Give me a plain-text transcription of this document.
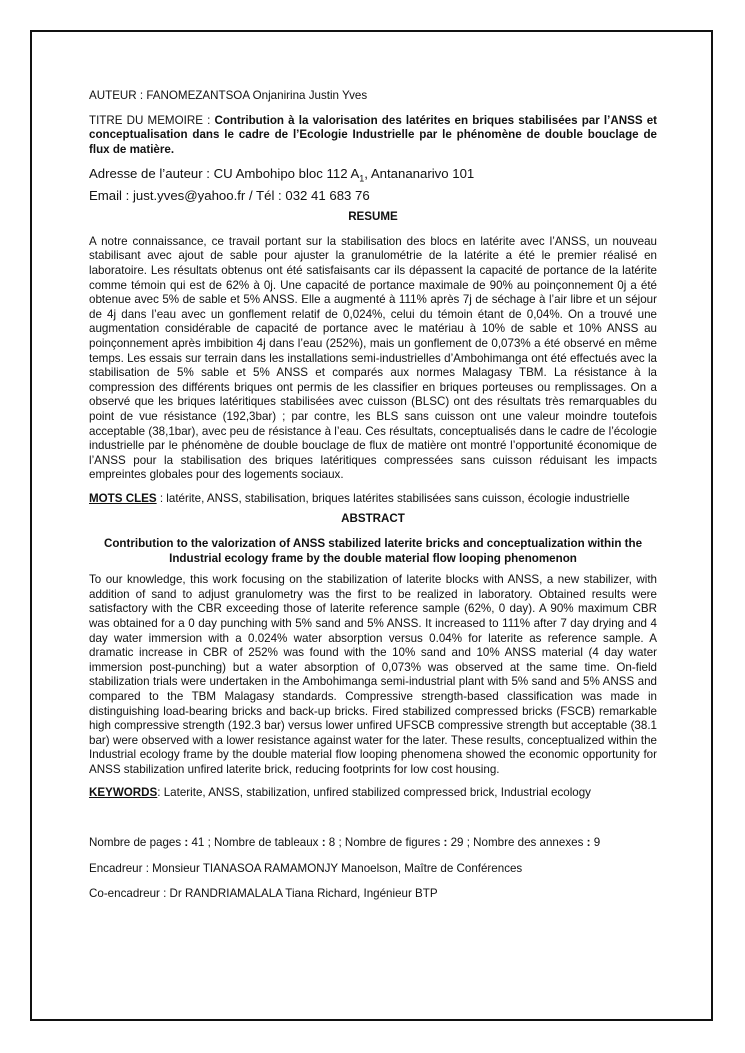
AUTEUR : FANOMEZANTSOA Onjanirina Justin Yves

TITRE DU MEMOIRE : Contribution à la valorisation des latérites en briques stabilisées par l’ANSS et conceptualisation dans le cadre de l’Ecologie Industrielle par le phénomène de double bouclage de flux de matière.

Adresse de l’auteur : CU Ambohipo bloc 112 $A_1$, Antananarivo 101

Email : just.yves@yahoo.fr / Tél : 032 41 683 76

RESUME

A notre connaissance, ce travail portant sur la stabilisation des blocs en latérite avec l’ANSS, un nouveau stabilisant avec ajout de sable pour ajuster la granulométrie de la latérite a été le premier réalisé en laboratoire. Les résultats obtenus ont été satisfaisants car ils dépassent la capacité de portance de la latérite comme témoin qui est de 62% à 0j. Une capacité de portance maximale de 90% au poinçonnement 0j a été obtenue avec 5% de sable et 5% ANSS. Elle a augmenté à 111% après 7j de séchage à l’air libre et un séjour de 4j dans l’eau avec un gonflement relatif de 0,024%, celui du témoin étant de 0,04%. On a trouvé une augmentation considérable de capacité de portance avec le matériau à 10% de sable et 10% ANSS au poinçonnement après imbibition 4j dans l’eau (252%), mais un gonflement de 0,073% a été observé en même temps. Les essais sur terrain dans les installations semi-industrielles d’Ambohimanga ont été effectués avec la stabilisation de 5% sable et 5% ANSS et comparés aux normes Malagasy TBM. La résistance à la compression des différents briques ont permis de les classifier en briques porteuses ou remplissages. On a observé que les briques latéritiques stabilisées avec cuisson (BLSC) ont des résultats très remarquables du point de vue résistance (192,3bar) ; par contre, les BLS sans cuisson ont une valeur moindre toutefois acceptable (38,1bar), avec peu de résistance à l’eau. Ces résultats, conceptualisés dans le cadre de l’écologie industrielle par le phénomène de double bouclage de flux de matière ont montré l’opportunité économique de l’ANSS pour la stabilisation des briques latéritiques compressées sans cuisson réduisant les impacts empreintes globales pour des logements sociaux.

MOTS CLES : latérite, ANSS, stabilisation, briques latérites stabilisées sans cuisson, écologie industrielle

ABSTRACT

Contribution to the valorization of ANSS stabilized laterite bricks and conceptualization within the Industrial ecology frame by the double material flow looping phenomenon

To our knowledge, this work focusing on the stabilization of laterite blocks with ANSS, a new stabilizer, with addition of sand to adjust granulometry was the first to be realized in laboratory. Obtained results were satisfactory with the CBR exceeding those of laterite reference sample (62%, 0 day). A 90% maximum CBR was obtained for a 0 day punching with 5% sand and 5% ANSS. It increased to 111% after 7 day drying and 4 day water immersion with a 0.024% water absorption versus 0.04% for laterite as reference sample. A dramatic increase in CBR of 252% was found with the 10% sand and 10% ANSS material (4 day water immersion post-punching) but a water absorption of 0,073% was observed at the same time. On-field stabilization trials were undertaken in the Ambohimanga semi-industrial plant with 5% sand and 5% ANSS and compared to the TBM Malagasy standards. Compressive strength-based classification was made in distinguishing load-bearing bricks and back-up bricks. Fired stabilized compressed bricks (FSCB) remarkable high compressive strength (192.3 bar) versus lower unfired UFSCB compressive strength but acceptable (38.1 bar) were observed with a lower resistance against water for the later. These results, conceptualized within the Industrial ecology frame by the double material flow looping phenomena showed the economic opportunity for ANSS stabilization unfired laterite brick, reducing footprints for low cost housing.

KEYWORDS: Laterite, ANSS, stabilization, unfired stabilized compressed brick, Industrial ecology

Nombre de pages : 41 ; Nombre de tableaux : 8 ; Nombre de figures : 29 ; Nombre des annexes : 9

Encadreur : Monsieur TIANASOA RAMAMONJY Manoelson, Maître de Conférences

Co-encadreur : Dr RANDRIAMALALA Tiana Richard, Ingénieur BTP
